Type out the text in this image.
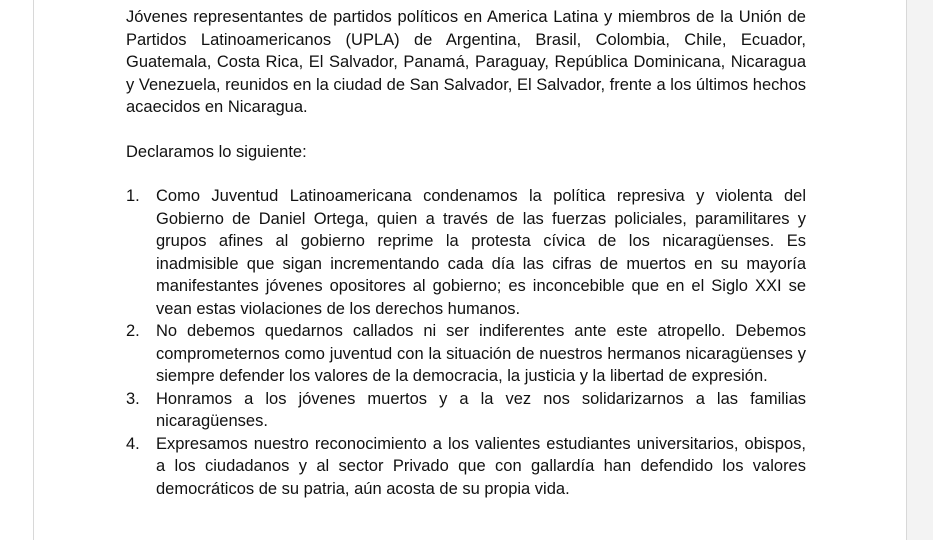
Jóvenes representantes de partidos políticos en America Latina y miembros de la Unión de Partidos Latinoamericanos (UPLA) de Argentina, Brasil, Colombia, Chile, Ecuador, Guatemala, Costa Rica, El Salvador, Panamá, Paraguay, República Dominicana, Nicaragua y Venezuela, reunidos en la ciudad de San Salvador, El Salvador, frente a los últimos hechos acaecidos en Nicaragua.

Declaramos lo siguiente:

1. Como Juventud Latinoamericana condenamos la política represiva y violenta del Gobierno de Daniel Ortega, quien a través de las fuerzas policiales, paramilitares y grupos afines al gobierno reprime la protesta cívica de los nicaragüenses. Es inadmisible que sigan incrementando cada día las cifras de muertos en su mayoría manifestantes jóvenes opositores al gobierno; es inconcebible que en el Siglo XXI se vean estas violaciones de los derechos humanos.
2. No debemos quedarnos callados ni ser indiferentes ante este atropello. Debemos comprometernos como juventud con la situación de nuestros hermanos nicaragüenses y siempre defender los valores de la democracia, la justicia y la libertad de expresión.
3. Honramos a los jóvenes muertos y a la vez nos solidarizarnos a las familias nicaragüenses.
4. Expresamos nuestro reconocimiento a los valientes estudiantes universitarios, obispos, a los ciudadanos y al sector Privado que con gallardía han defendido los valores democráticos de su patria, aún acosta de su propia vida.
